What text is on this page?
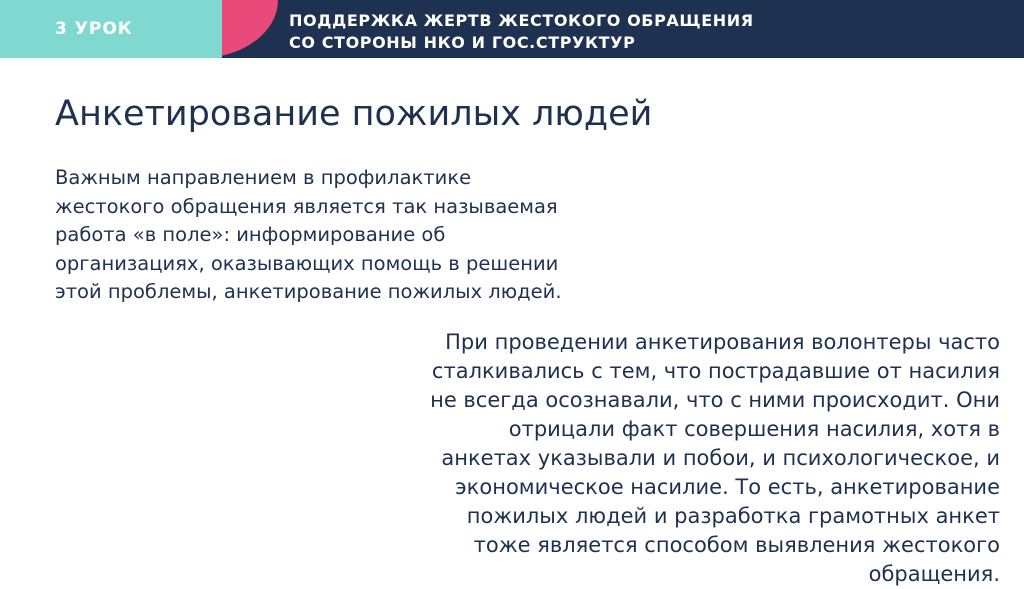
3 УРОК	ПОДДЕРЖКА ЖЕРТВ ЖЕСТОКОГО ОБРАЩЕНИЯ
СО СТОРОНЫ НКО И ГОС.СТРУКТУР
Анкетирование пожилых людей
Важным направлением в профилактике
жестокого обращения является так называемая
работа «в поле»: информирование об
организациях, оказывающих помощь в решении
этой проблемы, анкетирование пожилых людей.
При проведении анкетирования волонтеры часто
сталкивались с тем, что пострадавшие от насилия
не всегда осознавали, что с ними происходит. Они
отрицали факт совершения насилия, хотя в
анкетах указывали и побои, и психологическое, и
экономическое насилие. То есть, анкетирование
пожилых людей и разработка грамотных анкет
тоже является способом выявления жестокого
обращения.
